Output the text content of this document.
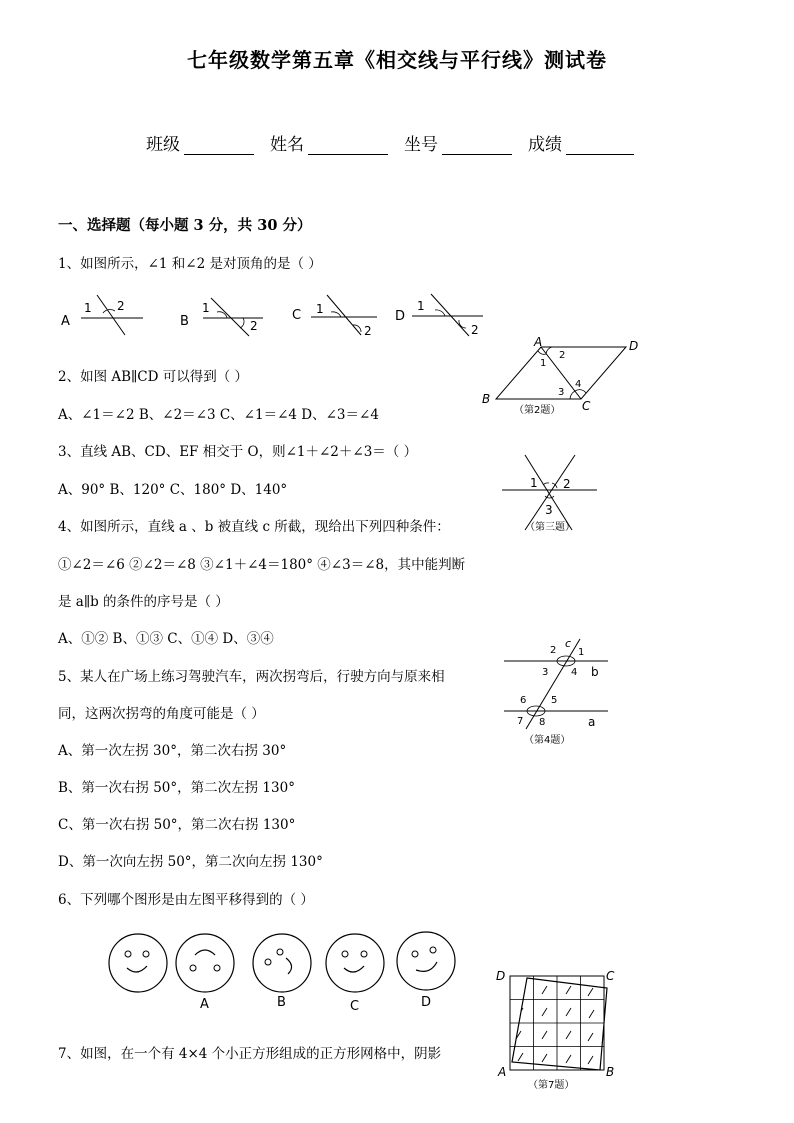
七年级数学第五章《相交线与平行线》测试卷
班级	姓名	坐号	成绩
一、选择题（每小题 3 分，共 30 分）
1、如图所示，∠1 和∠2 是对顶角的是（ ）
A
1 2
B
1
2
C 1
2
D
1
2
A
B	C
D
1
2
3
4
（第2题）
2、如图 AB∥CD 可以得到（ ）
A、∠1＝∠2 B、∠2＝∠3 C、∠1＝∠4 D、∠3＝∠4
3、直线 AB、CD、EF 相交于 O，则∠1＋∠2＋∠3＝（ ）
A、90° B、120° C、180° D、140°	1 2
3
（第三题）
4、如图所示，直线 a 、b 被直线 c 所截，现给出下列四种条件：
①∠2＝∠6 ②∠2＝∠8 ③∠1＋∠4＝180° ④∠3＝∠8，其中能判断
是 a∥b 的条件的序号是（ ）
A、①② B、①③ C、①④ D、③④	c
b
a
1
2
3 4
5
6
7 8
（第4题）
5、某人在广场上练习驾驶汽车，两次拐弯后，行驶方向与原来相
同，这两次拐弯的角度可能是（ ）
A、第一次左拐 30°，第二次右拐 30°
B、第一次右拐 50°，第二次左拐 130°
C、第一次右拐 50°，第二次右拐 130°
D、第一次向左拐 50°，第二次向左拐 130°
6、下列哪个图形是由左图平移得到的（ ）
A	B	C	D
D	C
A	B
（第7题）
7、如图，在一个有 4×4 个小正方形组成的正方形网格中，阴影
